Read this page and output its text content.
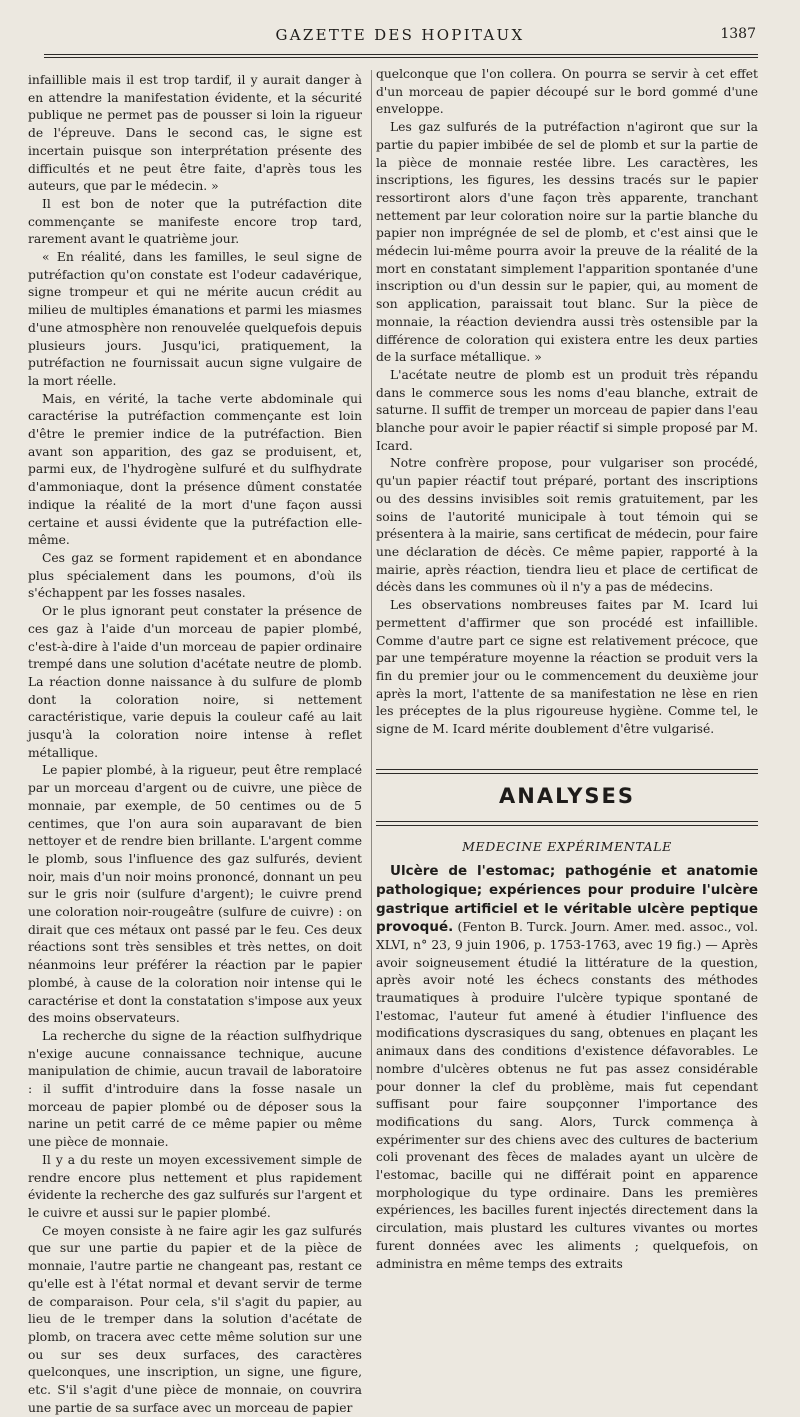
GAZETTE DES HOPITAUX	1387

infaillible mais il est trop tardif, il y aurait danger à en attendre la manifestation évidente, et la sécurité publique ne permet pas de pousser si loin la rigueur de l'épreuve. Dans le second cas, le signe est incertain puisque son interprétation présente des difficultés et ne peut être faite, d'après tous les auteurs, que par le médecin. »

Il est bon de noter que la putréfaction dite commençante se manifeste encore trop tard, rarement avant le quatrième jour.

« En réalité, dans les familles, le seul signe de putréfaction qu'on constate est l'odeur cadavérique, signe trompeur et qui ne mérite aucun crédit au milieu de multiples émanations et parmi les miasmes d'une atmosphère non renouvelée quelquefois depuis plusieurs jours. Jusqu'ici, pratiquement, la putréfaction ne fournissait aucun signe vulgaire de la mort réelle.

Mais, en vérité, la tache verte abdominale qui caractérise la putréfaction commençante est loin d'être le premier indice de la putréfaction. Bien avant son apparition, des gaz se produisent, et, parmi eux, de l'hydrogène sulfuré et du sulfhydrate d'ammoniaque, dont la présence dûment constatée indique la réalité de la mort d'une façon aussi certaine et aussi évidente que la putréfaction elle-même.

Ces gaz se forment rapidement et en abondance plus spécialement dans les poumons, d'où ils s'échappent par les fosses nasales.

Or le plus ignorant peut constater la présence de ces gaz à l'aide d'un morceau de papier plombé, c'est-à-dire à l'aide d'un morceau de papier ordinaire trempé dans une solution d'acétate neutre de plomb. La réaction donne naissance à du sulfure de plomb dont la coloration noire, si nettement caractéristique, varie depuis la couleur café au lait jusqu'à la coloration noire intense à reflet métallique.

Le papier plombé, à la rigueur, peut être remplacé par un morceau d'argent ou de cuivre, une pièce de monnaie, par exemple, de 50 centimes ou de 5 centimes, que l'on aura soin auparavant de bien nettoyer et de rendre bien brillante. L'argent comme le plomb, sous l'influence des gaz sulfurés, devient noir, mais d'un noir moins prononcé, donnant un peu sur le gris noir (sulfure d'argent); le cuivre prend une coloration noir-rougeâtre (sulfure de cuivre) : on dirait que ces métaux ont passé par le feu. Ces deux réactions sont très sensibles et très nettes, on doit néanmoins leur préférer la réaction par le papier plombé, à cause de la coloration noir intense qui le caractérise et dont la constatation s'impose aux yeux des moins observateurs.

La recherche du signe de la réaction sulfhydrique n'exige aucune connaissance technique, aucune manipulation de chimie, aucun travail de laboratoire : il suffit d'introduire dans la fosse nasale un morceau de papier plombé ou de déposer sous la narine un petit carré de ce même papier ou même une pièce de monnaie.

Il y a du reste un moyen excessivement simple de rendre encore plus nettement et plus rapidement évidente la recherche des gaz sulfurés sur l'argent et le cuivre et aussi sur le papier plombé.

Ce moyen consiste à ne faire agir les gaz sulfurés que sur une partie du papier et de la pièce de monnaie, l'autre partie ne changeant pas, restant ce qu'elle est à l'état normal et devant servir de terme de comparaison. Pour cela, s'il s'agit du papier, au lieu de le tremper dans la solution d'acétate de plomb, on tracera avec cette même solution sur une ou sur ses deux surfaces, des caractères quelconques, une inscription, un signe, une figure, etc. S'il s'agit d'une pièce de monnaie, on couvrira une partie de sa surface avec un morceau de papier

quelconque que l'on collera. On pourra se servir à cet effet d'un morceau de papier découpé sur le bord gommé d'une enveloppe.

Les gaz sulfurés de la putréfaction n'agiront que sur la partie du papier imbibée de sel de plomb et sur la partie de la pièce de monnaie restée libre. Les caractères, les inscriptions, les figures, les dessins tracés sur le papier ressortiront alors d'une façon très apparente, tranchant nettement par leur coloration noire sur la partie blanche du papier non imprégnée de sel de plomb, et c'est ainsi que le médecin lui-même pourra avoir la preuve de la réalité de la mort en constatant simplement l'apparition spontanée d'une inscription ou d'un dessin sur le papier, qui, au moment de son application, paraissait tout blanc. Sur la pièce de monnaie, la réaction deviendra aussi très ostensible par la différence de coloration qui existera entre les deux parties de la surface métallique. »

L'acétate neutre de plomb est un produit très répandu dans le commerce sous les noms d'eau blanche, extrait de saturne. Il suffit de tremper un morceau de papier dans l'eau blanche pour avoir le papier réactif si simple proposé par M. Icard.

Notre confrère propose, pour vulgariser son procédé, qu'un papier réactif tout préparé, portant des inscriptions ou des dessins invisibles soit remis gratuitement, par les soins de l'autorité municipale à tout témoin qui se présentera à la mairie, sans certificat de médecin, pour faire une déclaration de décès. Ce même papier, rapporté à la mairie, après réaction, tiendra lieu et place de certificat de décès dans les communes où il n'y a pas de médecins.

Les observations nombreuses faites par M. Icard lui permettent d'affirmer que son procédé est infaillible. Comme d'autre part ce signe est relativement précoce, que par une température moyenne la réaction se produit vers la fin du premier jour ou le commencement du deuxième jour après la mort, l'attente de sa manifestation ne lèse en rien les préceptes de la plus rigoureuse hygiène. Comme tel, le signe de M. Icard mérite doublement d'être vulgarisé.

ANALYSES
MEDECINE EXPÉRIMENTALE

Ulcère de l'estomac; pathogénie et anatomie pathologique; expériences pour produire l'ulcère gastrique artificiel et le véritable ulcère peptique provoqué. (Fenton B. Turck. Journ. Amer. med. assoc., vol. XLVI, n° 23, 9 juin 1906, p. 1753-1763, avec 19 fig.) — Après avoir soigneusement étudié la littérature de la question, après avoir noté les échecs constants des méthodes traumatiques à produire l'ulcère typique spontané de l'estomac, l'auteur fut amené à étudier l'influence des modifications dyscrasiques du sang, obtenues en plaçant les animaux dans des conditions d'existence défavorables. Le nombre d'ulcères obtenus ne fut pas assez considérable pour donner la clef du problème, mais fut cependant suffisant pour faire soupçonner l'importance des modifications du sang. Alors, Turck commença à expérimenter sur des chiens avec des cultures de bacterium coli provenant des fèces de malades ayant un ulcère de l'estomac, bacille qui ne différait point en apparence morphologique du type ordinaire. Dans les premières expériences, les bacilles furent injectés directement dans la circulation, mais plustard les cultures vivantes ou mortes furent données avec les aliments ; quelquefois, on administra en même temps des extraits
